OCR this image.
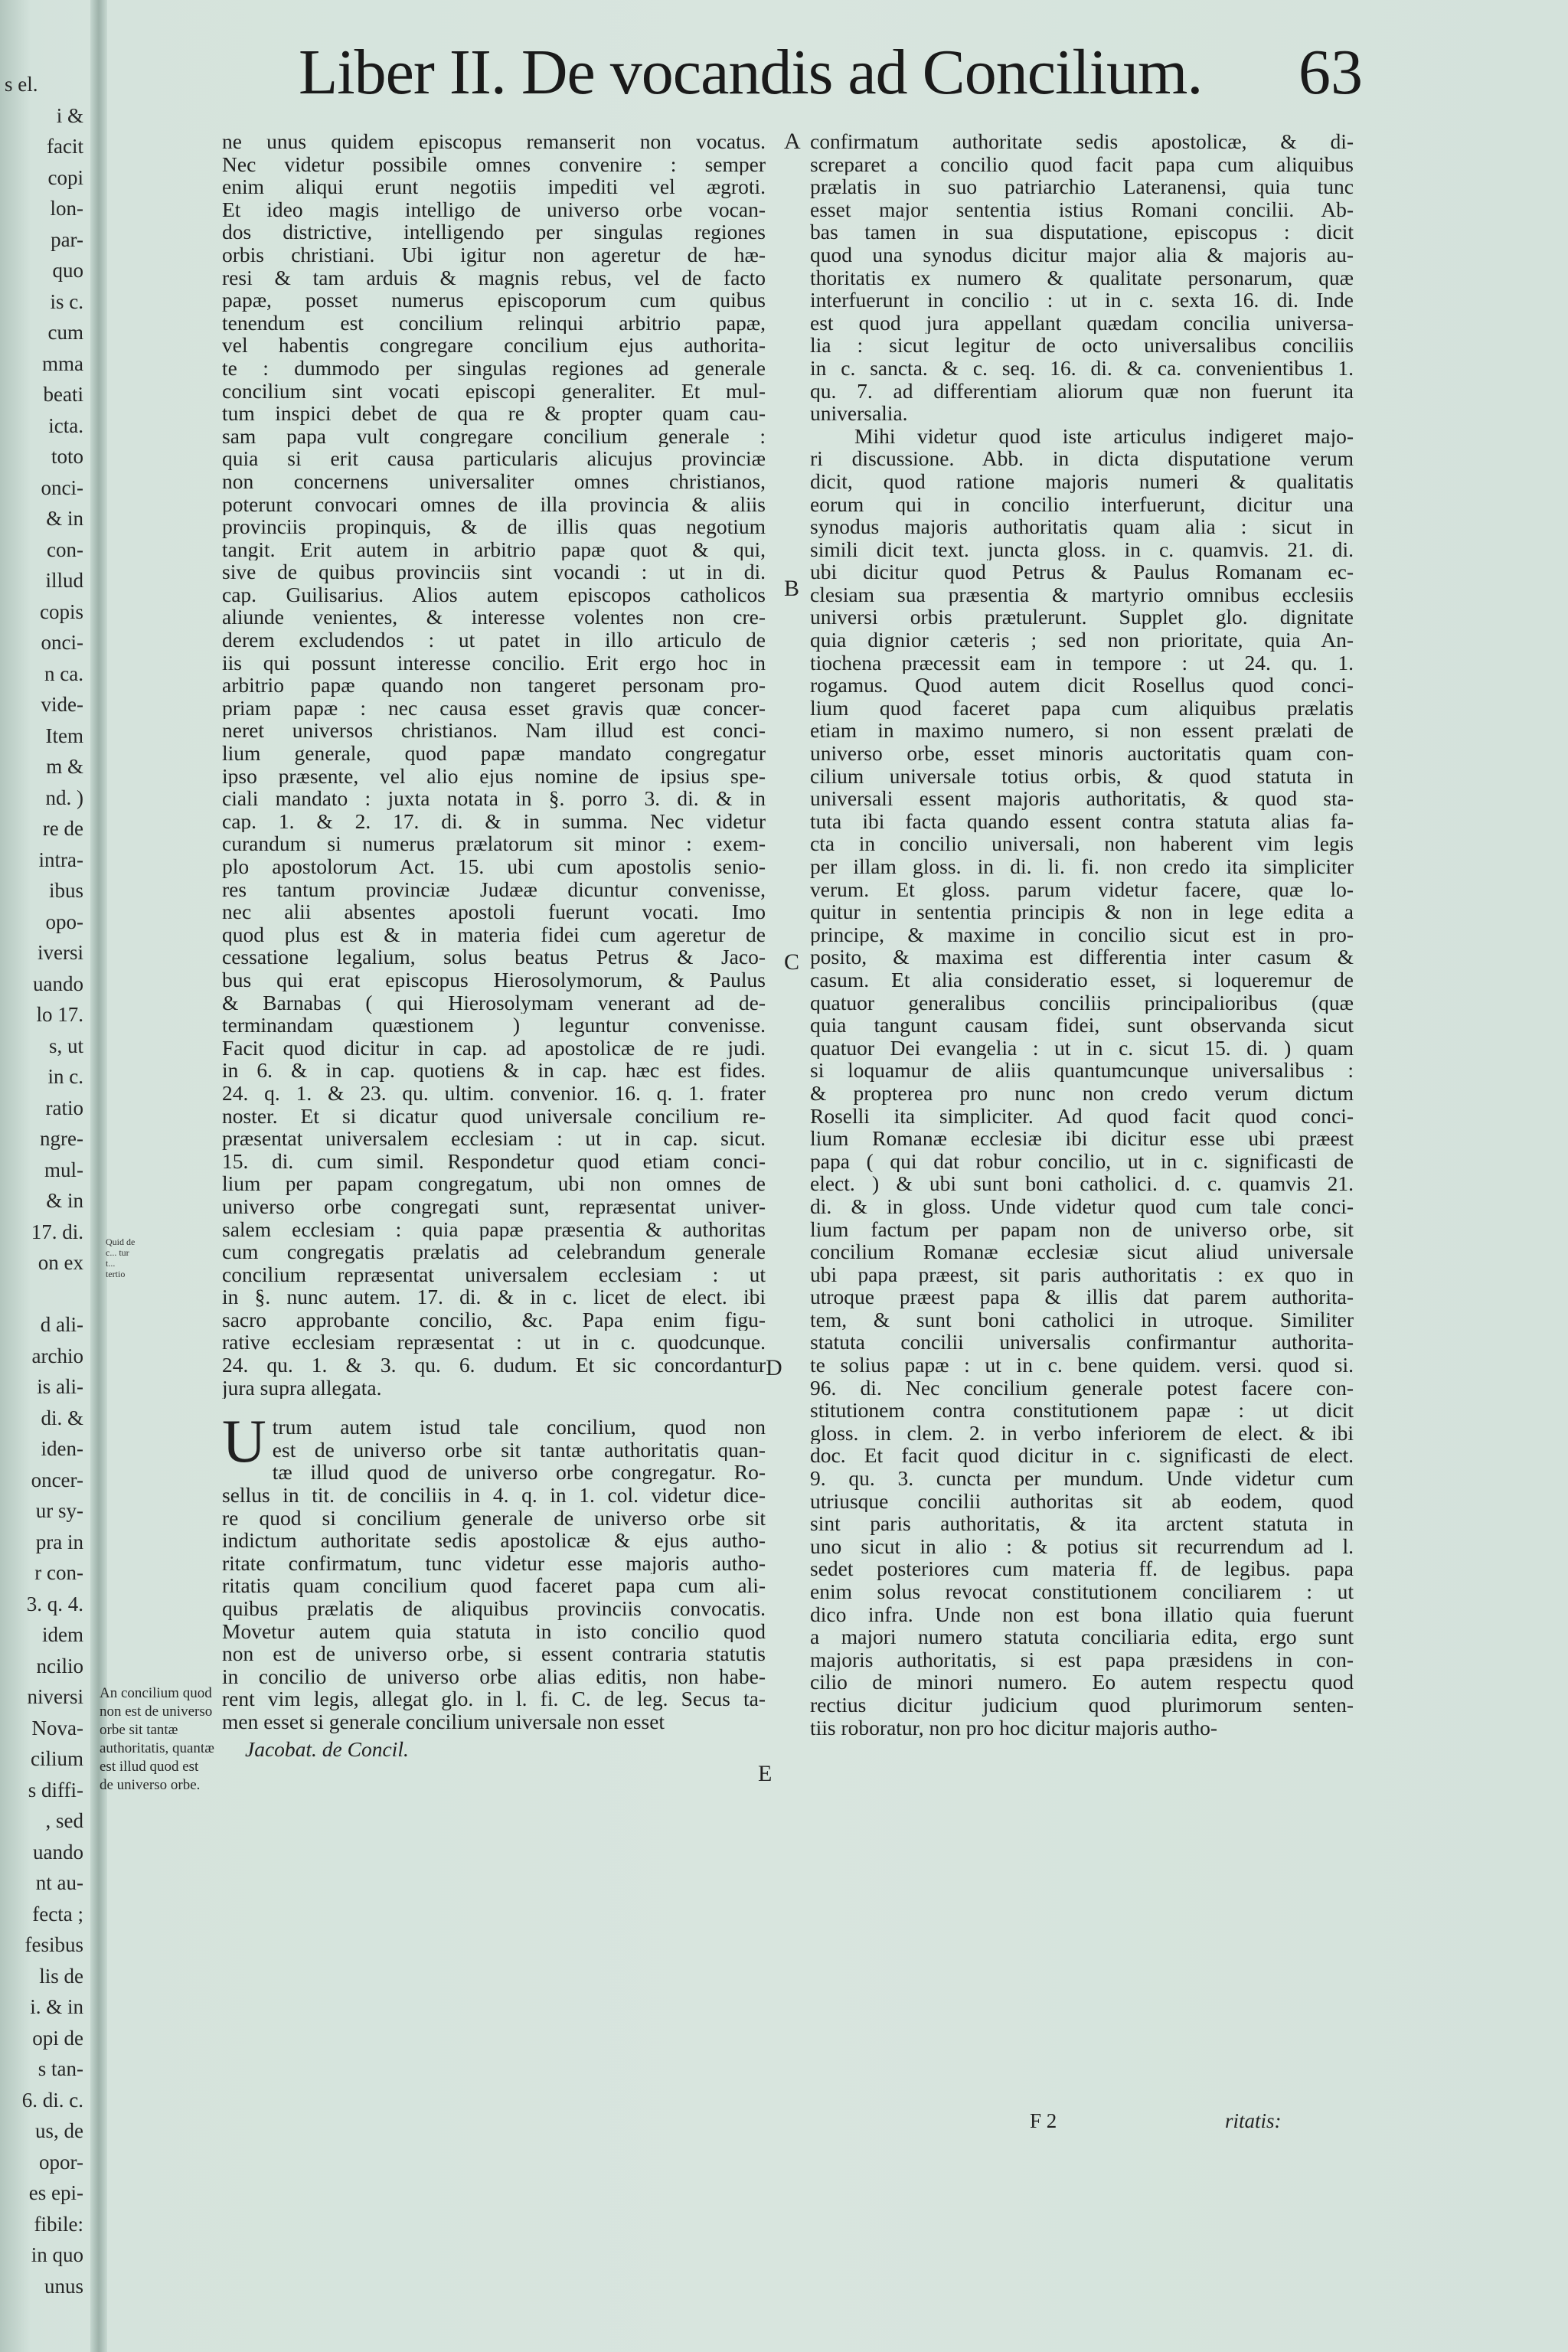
s el.
i &
facit
copi
lon-
par-
quo
is c.
cum
mma
beati
icta.
toto
onci-
& in
con-
illud
copis
onci-
n ca.
vide-
Item
m &
nd. )
re de
intra-
ibus
opo-
iversi
uando
lo 17.
s, ut
in c.
ratio
ngre-
mul-
& in
17. di.
on ex

d ali-
archio
is ali-
di. &
iden-
oncer-
ur sy-
pra in
r con-
3. q. 4.
idem
ncilio
niversi
Nova-
cilium
s diffi-
, sed
uando
nt au-
fecta ;
fesibus
lis de
i. & in
opi de
s tan-
6. di. c.
us, de
opor-
es epi-
fibile:
in quo
unus
Quid de c... tur t... tertio
Liber II. De vocandis ad Concilium. 63
ne unus quidem episcopus remanserit non vocatus.
Nec videtur possibile omnes convenire : semper
enim aliqui erunt negotiis impediti vel ægroti.
Et ideo magis intelligo de universo orbe vocan-
dos districtive, intelligendo per singulas regiones
orbis christiani. Ubi igitur non ageretur de hæ-
resi & tam arduis & magnis rebus, vel de facto
papæ, posset numerus episcoporum cum quibus
tenendum est concilium relinqui arbitrio papæ,
vel habentis congregare concilium ejus authorita-
te : dummodo per singulas regiones ad generale
concilium sint vocati episcopi generaliter. Et mul-
tum inspici debet de qua re & propter quam cau-
sam papa vult congregare concilium generale :
quia si erit causa particularis alicujus provinciæ
non concernens universaliter omnes christianos,
poterunt convocari omnes de illa provincia & aliis
provinciis propinquis, & de illis quas negotium
tangit. Erit autem in arbitrio papæ quot & qui,
sive de quibus provinciis sint vocandi : ut in di.
cap. Guilisarius. Alios autem episcopos catholicos
aliunde venientes, & interesse volentes non cre-
derem excludendos : ut patet in illo articulo de
iis qui possunt interesse concilio. Erit ergo hoc in
arbitrio papæ quando non tangeret personam pro-
priam papæ : nec causa esset gravis quæ concer-
neret universos christianos. Nam illud est conci-
lium generale, quod papæ mandato congregatur
ipso præsente, vel alio ejus nomine de ipsius spe-
ciali mandato : juxta notata in §. porro 3. di. & in
cap. 1. & 2. 17. di. & in summa. Nec videtur
curandum si numerus prælatorum sit minor : exem-
plo apostolorum Act. 15. ubi cum apostolis senio-
res tantum provinciæ Judææ dicuntur convenisse,
nec alii absentes apostoli fuerunt vocati. Imo
quod plus est & in materia fidei cum ageretur de
cessatione legalium, solus beatus Petrus & Jaco-
bus qui erat episcopus Hierosolymorum, & Paulus
& Barnabas ( qui Hierosolymam venerant ad de-
terminandam quæstionem ) leguntur convenisse.
Facit quod dicitur in cap. ad apostolicæ de re judi.
in 6. & in cap. quotiens & in cap. hæc est fides.
24. q. 1. & 23. qu. ultim. convenior. 16. q. 1. frater
noster. Et si dicatur quod universale concilium re-
præsentat universalem ecclesiam : ut in cap. sicut.
15. di. cum simil. Respondetur quod etiam conci-
lium per papam congregatum, ubi non omnes de
universo orbe congregati sunt, repræsentat univer-
salem ecclesiam : quia papæ præsentia & authoritas
cum congregatis prælatis ad celebrandum generale
concilium repræsentat universalem ecclesiam : ut
in §. nunc autem. 17. di. & in c. licet de elect. ibi
sacro approbante concilio, &c. Papa enim figu-
rative ecclesiam repræsentat : ut in c. quodcunque.
24. qu. 1. & 3. qu. 6. dudum. Et sic concordantur
jura supra allegata.
U trum autem istud tale concilium, quod non
est de universo orbe sit tantæ authoritatis quan-
tæ illud quod de universo orbe congregatur. Ro-
sellus in tit. de conciliis in 4. q. in 1. col. videtur dice-
re quod si concilium generale de universo orbe sit
indictum authoritate sedis apostolicæ & ejus autho-
ritate confirmatum, tunc videtur esse majoris autho-
ritatis quam concilium quod faceret papa cum ali-
quibus prælatis de aliquibus provinciis convocatis.
Movetur autem quia statuta in isto concilio quod
non est de universo orbe, si essent contraria statutis
in concilio de universo orbe alias editis, non habe-
rent vim legis, allegat glo. in l. fi. C. de leg. Secus ta-
men esset si generale concilium universale non esset
Jacobat. de Concil.
An concilium quod non est de universo orbe sit tantæ authoritatis, quantæ est illud quod est de universo orbe.
confirmatum authoritate sedis apostolicæ, & di-
screparet a concilio quod facit papa cum aliquibus
prælatis in suo patriarchio Lateranensi, quia tunc
esset major sententia istius Romani concilii. Ab-
bas tamen in sua disputatione, episcopus : dicit
quod una synodus dicitur major alia & majoris au-
thoritatis ex numero & qualitate personarum, quæ
interfuerunt in concilio : ut in c. sexta 16. di. Inde
est quod jura appellant quædam concilia universa-
lia : sicut legitur de octo universalibus conciliis
in c. sancta. & c. seq. 16. di. & ca. convenientibus 1.
qu. 7. ad differentiam aliorum quæ non fuerunt ita
universalia.
Mihi videtur quod iste articulus indigeret majo-
ri discussione. Abb. in dicta disputatione verum
dicit, quod ratione majoris numeri & qualitatis
eorum qui in concilio interfuerunt, dicitur una
synodus majoris authoritatis quam alia : sicut in
simili dicit text. juncta gloss. in c. quamvis. 21. di.
ubi dicitur quod Petrus & Paulus Romanam ec-
clesiam sua præsentia & martyrio omnibus ecclesiis
universi orbis prætulerunt. Supplet glo. dignitate
quia dignior cæteris ; sed non prioritate, quia An-
tiochena præcessit eam in tempore : ut 24. qu. 1.
rogamus. Quod autem dicit Rosellus quod conci-
lium quod faceret papa cum aliquibus prælatis
etiam in maximo numero, si non essent prælati de
universo orbe, esset minoris auctoritatis quam con-
cilium universale totius orbis, & quod statuta in
universali essent majoris authoritatis, & quod sta-
tuta ibi facta quando essent contra statuta alias fa-
cta in concilio universali, non haberent vim legis
per illam gloss. in di. li. fi. non credo ita simpliciter
verum. Et gloss. parum videtur facere, quæ lo-
quitur in sententia principis & non in lege edita a
principe, & maxime in concilio sicut est in pro-
posito, & maxima est differentia inter casum &
casum. Et alia consideratio esset, si loqueremur de
quatuor generalibus conciliis principalioribus (quæ
quia tangunt causam fidei, sunt observanda sicut
quatuor Dei evangelia : ut in c. sicut 15. di. ) quam
si loquamur de aliis quantumcunque universalibus :
& propterea pro nunc non credo verum dictum
Roselli ita simpliciter. Ad quod facit quod conci-
lium Romanæ ecclesiæ ibi dicitur esse ubi præest
papa ( qui dat robur concilio, ut in c. significasti de
elect. ) & ubi sunt boni catholici. d. c. quamvis 21.
di. & in gloss. Unde videtur quod cum tale conci-
lium factum per papam non de universo orbe, sit
concilium Romanæ ecclesiæ sicut aliud universale
ubi papa præest, sit paris authoritatis : ex quo in
utroque præest papa & illis dat parem authorita-
tem, & sunt boni catholici in utroque. Similiter
statuta concilii universalis confirmantur authorita-
te solius papæ : ut in c. bene quidem. versi. quod si.
96. di. Nec concilium generale potest facere con-
stitutionem contra constitutionem papæ : ut dicit
gloss. in clem. 2. in verbo inferiorem de elect. & ibi
doc. Et facit quod dicitur in c. significasti de elect.
9. qu. 3. cuncta per mundum. Unde videtur cum
utriusque concilii authoritas sit ab eodem, quod
sint paris authoritatis, & ita arctent statuta in
uno sicut in alio : & potius sit recurrendum ad l.
sedet posteriores cum materia ff. de legibus. papa
enim solus revocat constitutionem conciliarem : ut
dico infra. Unde non est bona illatio quia fuerunt
a majori numero statuta conciliaria edita, ergo sunt
majoris authoritatis, si est papa præsidens in con-
cilio de minori numero. Eo autem respectu quod
rectius dicitur judicium quod plurimorum senten-
tiis roboratur, non pro hoc dicitur majoris autho-
A
B
C
D
E
F 2	ritatis:
